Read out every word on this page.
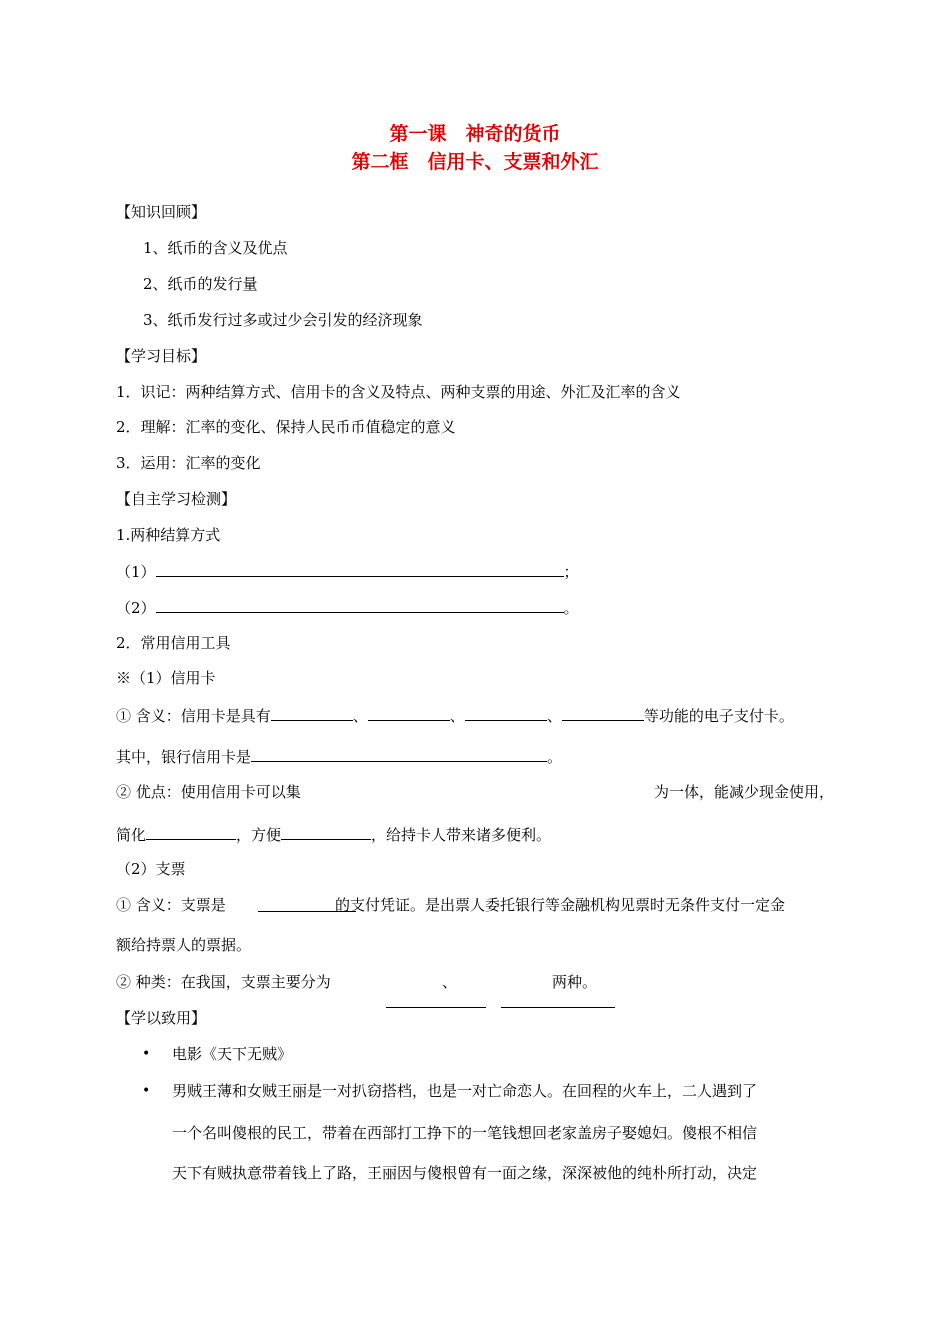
第一课　神奇的货币
第二框　信用卡、支票和外汇
【知识回顾】
1、纸币的含义及优点
2、纸币的发行量
3、纸币发行过多或过少会引发的经济现象
【学习目标】
1．识记：两种结算方式、信用卡的含义及特点、两种支票的用途、外汇及汇率的含义
2．理解：汇率的变化、保持人民币币值稳定的意义
3．运用：汇率的变化
【自主学习检测】
1.两种结算方式
（1）	；
（2）	。
2．常用信用工具
※（1）信用卡
① 含义：信用卡是具有	、	、	、	等功能的电子支付卡。
其中，银行信用卡是	。
② 优点：使用信用卡可以集	为一体，能减少现金使用，
简化	，方便	，给持卡人带来诸多便利。
（2）支票
① 含义：支票是	的支付凭证。是出票人委托银行等金融机构见票时无条件支付一定金
额给持票人的票据。
② 种类：在我国，支票主要分为	、	两种。
【学以致用】
• 电影《天下无贼》
• 男贼王薄和女贼王丽是一对扒窃搭档，也是一对亡命恋人。在回程的火车上，二人遇到了
一个名叫傻根的民工，带着在西部打工挣下的一笔钱想回老家盖房子娶媳妇。傻根不相信
天下有贼执意带着钱上了路，王丽因与傻根曾有一面之缘，深深被他的纯朴所打动，决定
